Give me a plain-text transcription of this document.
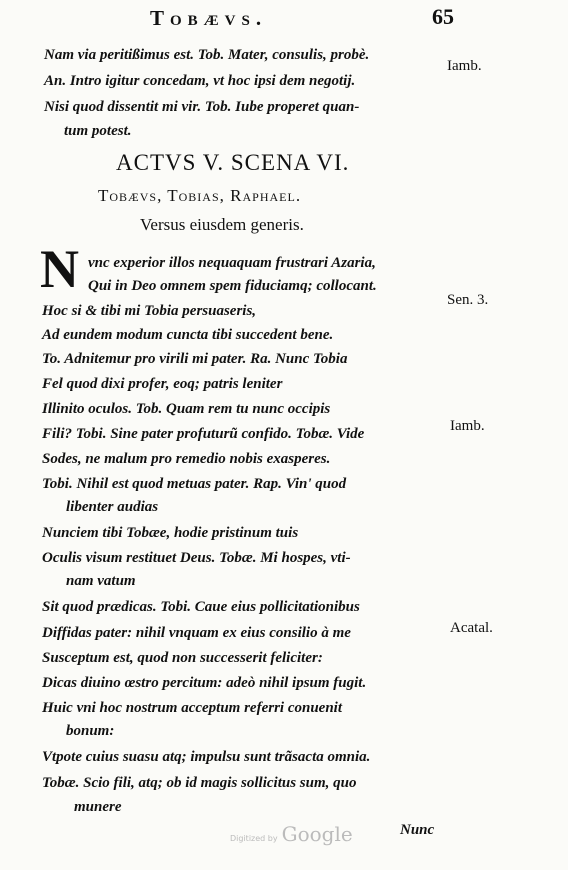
Tobævs.	65
Nam via peritißimus est. Tob. Mater, consulis, probè.
An. Intro igitur concedam, vt hoc ipsi dem negotij.
Nisi quod dissentit mi vir. Tob. Iube properet quan-
tum potest.
Iamb.
ACTVS V. SCENA VI.
Tobævs, Tobias, Raphael.
Versus eiusdem generis.
N vnc experior illos nequaquam frustrari Azaria,
Qui in Deo omnem spem fiduciamq; collocant.
Hoc si & tibi mi Tobia persuaseris,
Ad eundem modum cuncta tibi succedent bene.
To. Adnitemur pro virili mi pater. Ra. Nunc Tobia
Fel quod dixi profer, eoq; patris leniter
Illinito oculos. Tob. Quam rem tu nunc occipis
Fili? Tobi. Sine pater profuturũ confido. Tobæ. Vide
Sodes, ne malum pro remedio nobis exasperes.
Tobi. Nihil est quod metuas pater. Rap. Vin' quod
libenter audias
Nunciem tibi Tobæe, hodie pristinum tuis
Oculis visum restituet Deus. Tobæ. Mi hospes, vti-
nam vatum
Sit quod prædicas. Tobi. Caue eius pollicitationibus
Diffidas pater: nihil vnquam ex eius consilio à me
Susceptum est, quod non successerit feliciter:
Dicas diuino œstro percitum: adeò nihil ipsum fugit.
Huic vni hoc nostrum acceptum referri conuenit
bonum:
Vtpote cuius suasu atq; impulsu sunt trãsacta omnia.
Tobæ. Scio fili, atq; ob id magis sollicitus sum, quo
munere
Sen. 3.
Iamb.
Acatal.
Digitized by Google	Nunc
